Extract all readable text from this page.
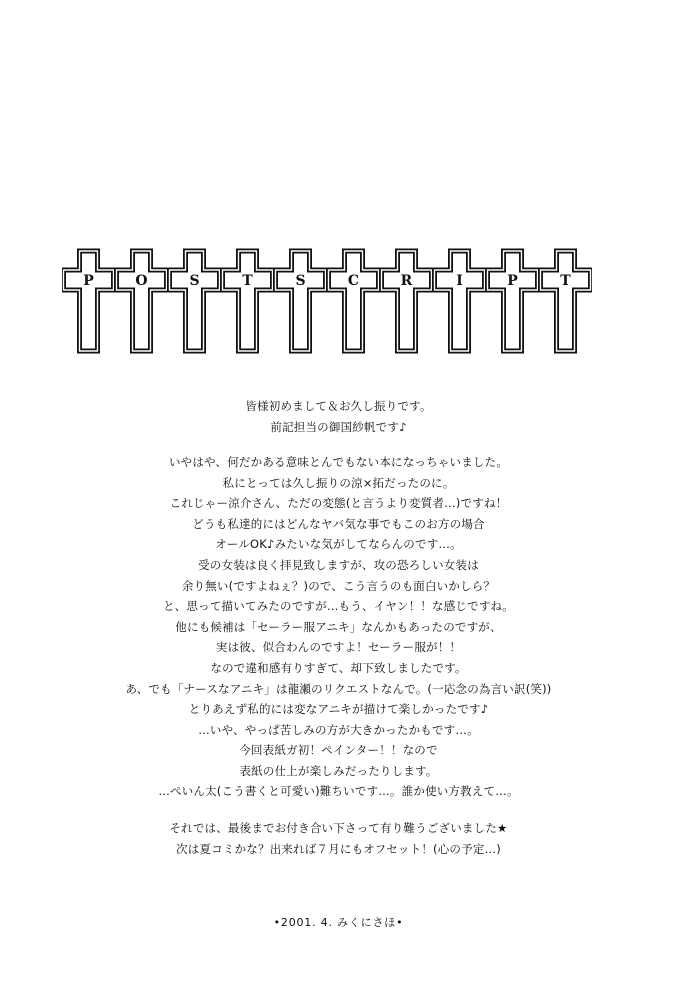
P	O	S	T	S	C	R	I	P	T

皆様初めまして＆お久し振りです。

前記担当の御国紗帆です♪

いやはや、何だかある意味とんでもない本になっちゃいました。

私にとっては久し振りの涼×拓だったのに。

これじゃー涼介さん、ただの変態(と言うより変質者…)ですね！

どうも私達的にはどんなヤバ気な事でもこのお方の場合

オールOK♪みたいな気がしてならんのです…。

受の女装は良く拝見致しますが、攻の恐ろしい女装は

余り無い(ですよねぇ？)ので、こう言うのも面白いかしら？

と、思って描いてみたのですが…もう、イヤン！！な感じですね。

他にも候補は「セーラー服アニキ」なんかもあったのですが、

実は彼、似合わんのですよ！セーラー服が！！

なので違和感有りすぎて、却下致しましたです。

あ、でも「ナースなアニキ」は龍瀬のリクエストなんで。(一応念の為言い訳(笑))

とりあえず私的には変なアニキが描けて楽しかったです♪

…いや、やっぱ苦しみの方が大きかったかもです…。

今回表紙ガ初！ペインター！！なので

表紙の仕上が楽しみだったりします。

…ぺいん太(こう書くと可愛い)難ちいです…。誰か使い方教えて…。

それでは、最後までお付き合い下さって有り難うございました★

次は夏コミかな？出来れば７月にもオフセット！(心の予定…)

•2001. 4. みくにさほ•
